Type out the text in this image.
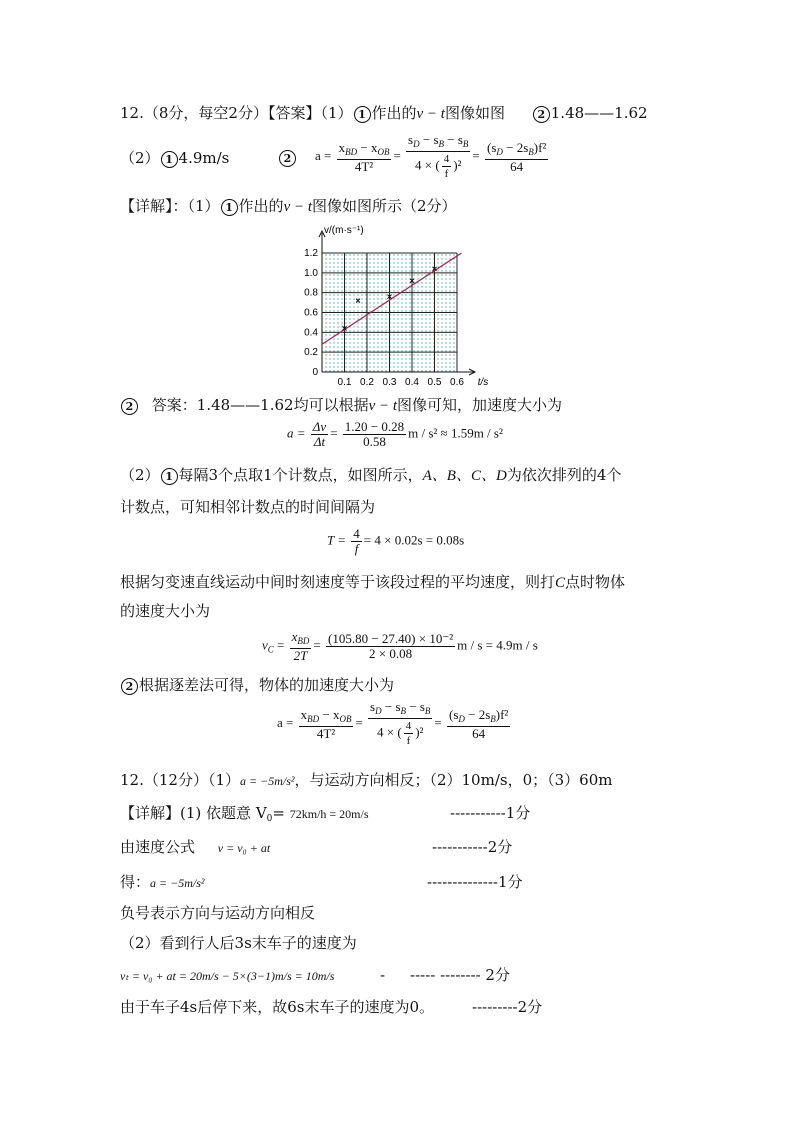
12.（8分，每空2分）【答案】（1） 1 作出的v − t图像如图	2 1.48——1.62
（2） 1 4.9m/s	2	$a = \frac{x_{BD} - x_{OB}}{\text{4T²}} = \frac{s_D - s_B - s_B}{4 \times ( \frac{4}{f} )^2} = \frac{(s_D - 2s_B)f^2}{64}$
【详解】：（1） 1 作出的v − t图像如图所示（2分）
0
0.2
0.4
0.6
0.8
1.0
1.2
0.1 0.2 0.3 0.4 0.5 0.6 t/s
v/(m·s⁻¹)
2 答案：1.48——1.62均可以根据v − t图像可知，加速度大小为
$a = \frac{\Delta v}{\Delta t} = \frac{1.20 - 0.28}{0.58}$ m / s² ≈ 1.59m / s²
（2） 1 每隔3个点取1个计数点，如图所示，A、B、C、D为依次排列的4个
计数点，可知相邻计数点的时间间隔为
$T = \frac{4}{f} = 4 \times 0.02s = 0.08s$
根据匀变速直线运动中间时刻速度等于该段过程的平均速度，则打C点时物体
的速度大小为
$v_C = \frac{x_{BD}}{2T} = \frac{\text{(105.80 − 27.40) × 10⁻²}}{2 \times 0.08}$ m / s = 4.9m / s
2 根据逐差法可得，物体的加速度大小为
$a = \frac{x_{BD} - x_{OB}}{\text{4T²}} = \frac{s_D - s_B - s_B}{4 \times ( \frac{4}{f} )^2} = \frac{(s_D - 2s_B)f^2}{64}$
12.（12分）（1）a = −5m/s²，与运动方向相反；（2）10m/s，0；（3）60m
【详解】(1) 依题意 $V_0= 72km/h = 20m/s$	-----------1分
由速度公式 v = v₀ + at	-----------2分
得：a = −5m/s²	--------------1分
负号表示方向与运动方向相反
（2）看到行人后3s末车子的速度为
vₜ = v₀ + at = 20m/s − 5×(3−1)m/s = 10m/s	- ----- -------- 2分
由于车子4s后停下来，故6s末车子的速度为0。	---------2分
